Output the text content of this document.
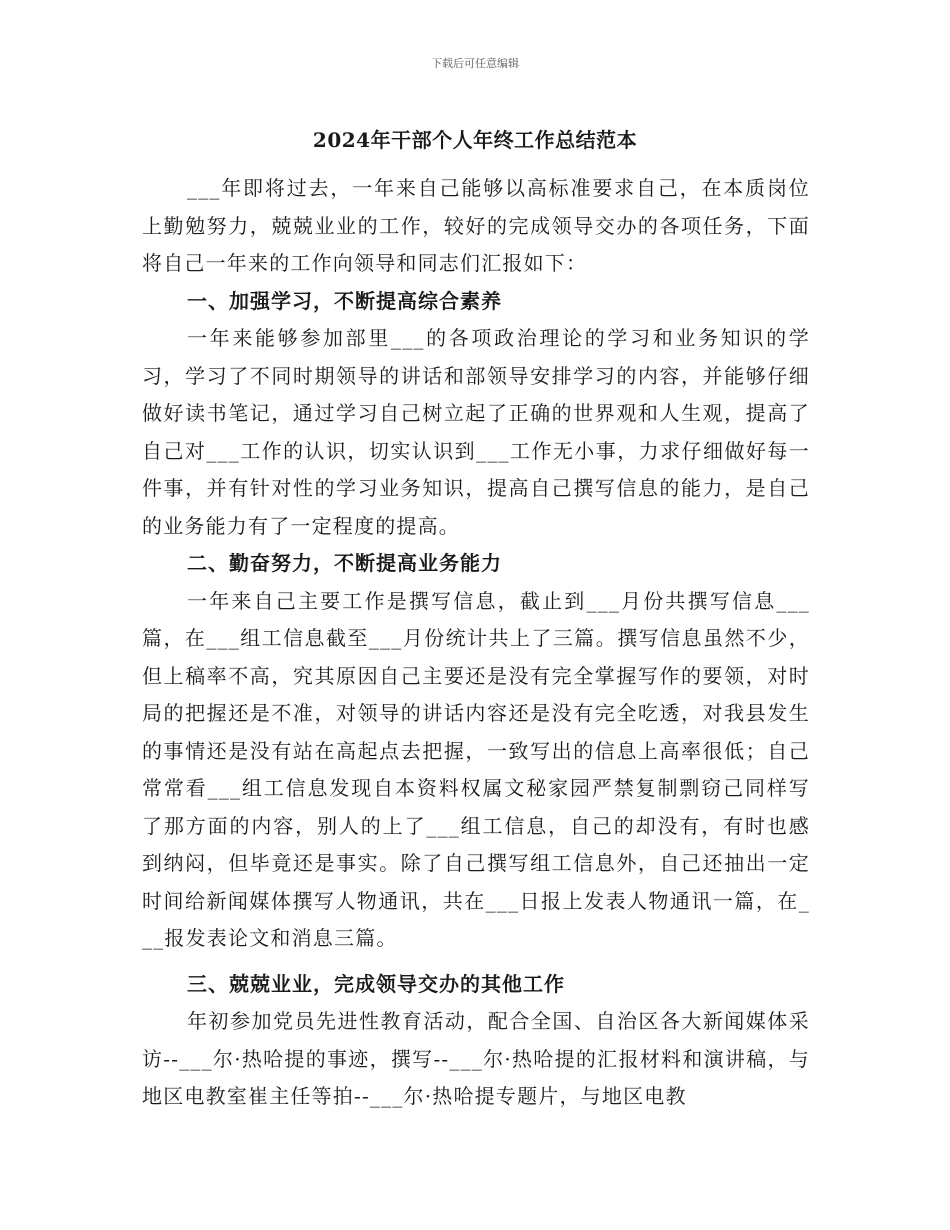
下载后可任意编辑
2024年干部个人年终工作总结范本

___年即将过去，一年来自己能够以高标准要求自己，在本质岗位上勤勉努力，兢兢业业的工作，较好的完成领导交办的各项任务，下面将自己一年来的工作向领导和同志们汇报如下：

一、加强学习，不断提高综合素养

一年来能够参加部里___的各项政治理论的学习和业务知识的学习，学习了不同时期领导的讲话和部领导安排学习的内容，并能够仔细做好读书笔记，通过学习自己树立起了正确的世界观和人生观，提高了自己对___工作的认识，切实认识到___工作无小事，力求仔细做好每一件事，并有针对性的学习业务知识，提高自己撰写信息的能力，是自己的业务能力有了一定程度的提高。

二、勤奋努力，不断提高业务能力

一年来自己主要工作是撰写信息，截止到___月份共撰写信息___篇，在___组工信息截至___月份统计共上了三篇。撰写信息虽然不少，但上稿率不高，究其原因自己主要还是没有完全掌握写作的要领，对时局的把握还是不准，对领导的讲话内容还是没有完全吃透，对我县发生的事情还是没有站在高起点去把握，一致写出的信息上高率很低；自己常常看___组工信息发现自本资料权属文秘家园严禁复制剽窃己同样写了那方面的内容，别人的上了___组工信息，自己的却没有，有时也感到纳闷，但毕竟还是事实。除了自己撰写组工信息外，自己还抽出一定时间给新闻媒体撰写人物通讯，共在___日报上发表人物通讯一篇，在___报发表论文和消息三篇。

三、兢兢业业，完成领导交办的其他工作

年初参加党员先进性教育活动，配合全国、自治区各大新闻媒体采访--___尔·热哈提的事迹，撰写--___尔·热哈提的汇报材料和演讲稿，与地区电教室崔主任等拍--___尔·热哈提专题片，与地区电教
